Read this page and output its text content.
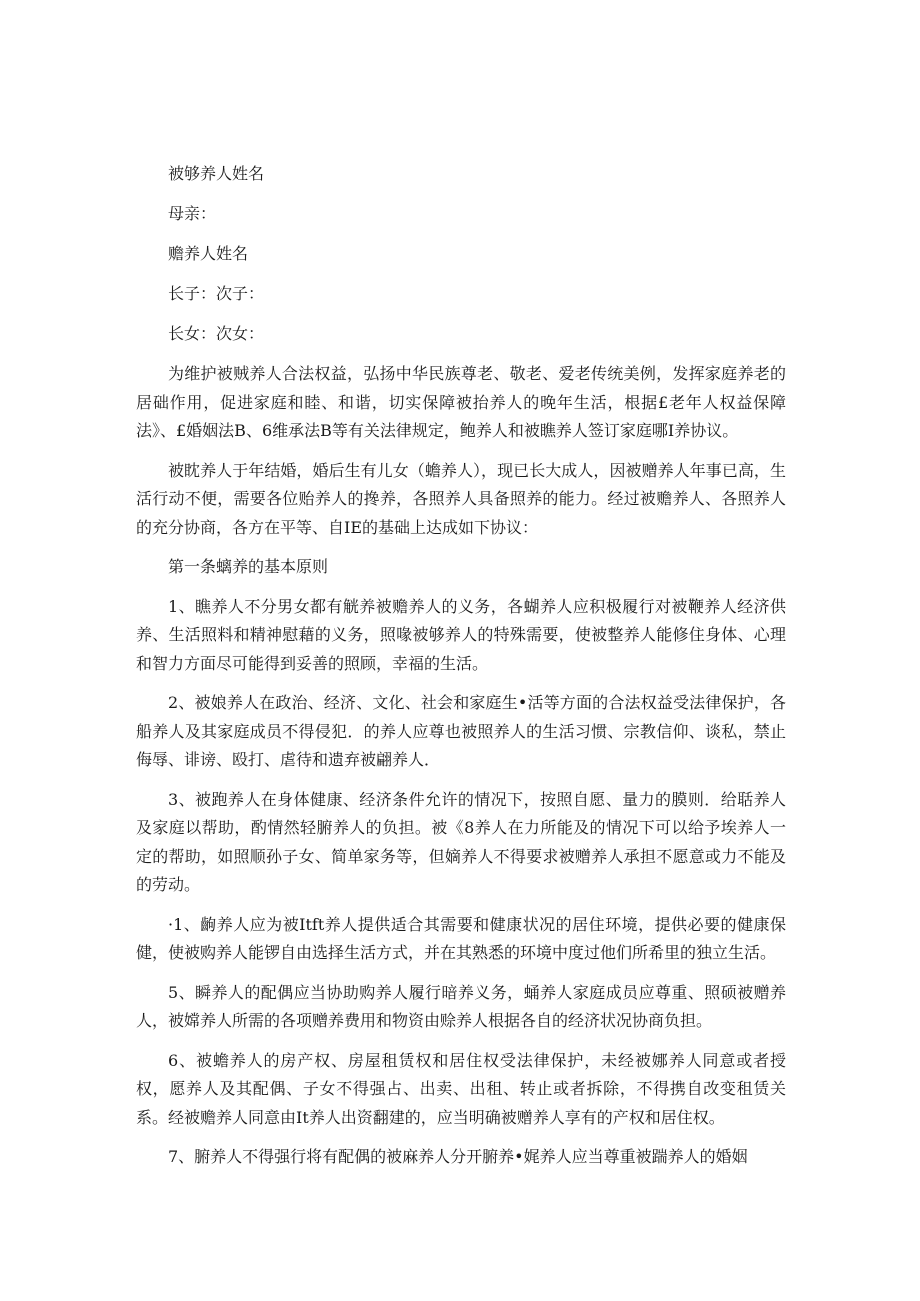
被够养人姓名

母亲：

赡养人姓名

长子：次子：

长女：次女：

为维护被贼养人合法权益，弘扬中华民族尊老、敬老、爱老传统美例，发挥家庭养老的居础作用，促进家庭和睦、和谐，切实保障被抬养人的晚年生活，根据£老年人权益保障法》、£婚姻法B、6维承法B等有关法律规定，鲍养人和被瞧养人签订家庭哪I养协议。

被眈养人于年结婚，婚后生有儿女（蟾养人），现已长大成人，因被赠养人年事已高，生活行动不便，需要各位贻养人的搀养，各照养人具备照养的能力。经过被赡养人、各照养人的充分协商，各方在平等、自IE的基础上达成如下协议：

第一条螭养的基本原则

1、瞧养人不分男女都有觥养被赡养人的义务，各蝴养人应积极履行对被鞭养人经济供养、生活照料和精神慰藉的义务，照喙被够养人的特殊需要，使被整养人能修住身体、心理和智力方面尽可能得到妥善的照顾，幸福的生活。

2、被娘养人在政治、经济、文化、社会和家庭生•活等方面的合法权益受法律保护，各船养人及其家庭成员不得侵犯．的养人应尊也被照养人的生活习惯、宗教信仰、谈私，禁止侮辱、诽谤、殴打、虐待和遗弃被翩养人．

3、被跑养人在身体健康、经济条件允许的情况下，按照自愿、量力的膜则．给聒养人及家庭以帮助，酌情然轻腑养人的负担。被《8养人在力所能及的情况下可以给予埃养人一定的帮助，如照顺孙子女、简单家务等，但嫡养人不得要求被赠养人承担不愿意或力不能及的劳动。

·1、齣养人应为被Itft养人提供适合其需要和健康状况的居住环境，提供必要的健康保健，使被购养人能锣自由选择生活方式，并在其熟悉的环境中度过他们所希里的独立生活。

5、瞬养人的配偶应当协助购养人履行暗养义务，蛹养人家庭成员应尊重、照硕被赠养人，被嫦养人所需的各项赠养费用和物资由赊养人根据各自的经济状况协商负担。

6、被蟾养人的房产权、房屋租赁权和居住权受法律保护，未经被娜养人同意或者授权，愿养人及其配偶、子女不得强占、出卖、出租、转止或者拆除，不得携自改变租赁关系。经被赡养人同意由It养人出资翻建的，应当明确被赠养人享有的产权和居住权。

7、腑养人不得强行将有配偶的被麻养人分开腑养•娓养人应当尊重被踹养人的婚姻
